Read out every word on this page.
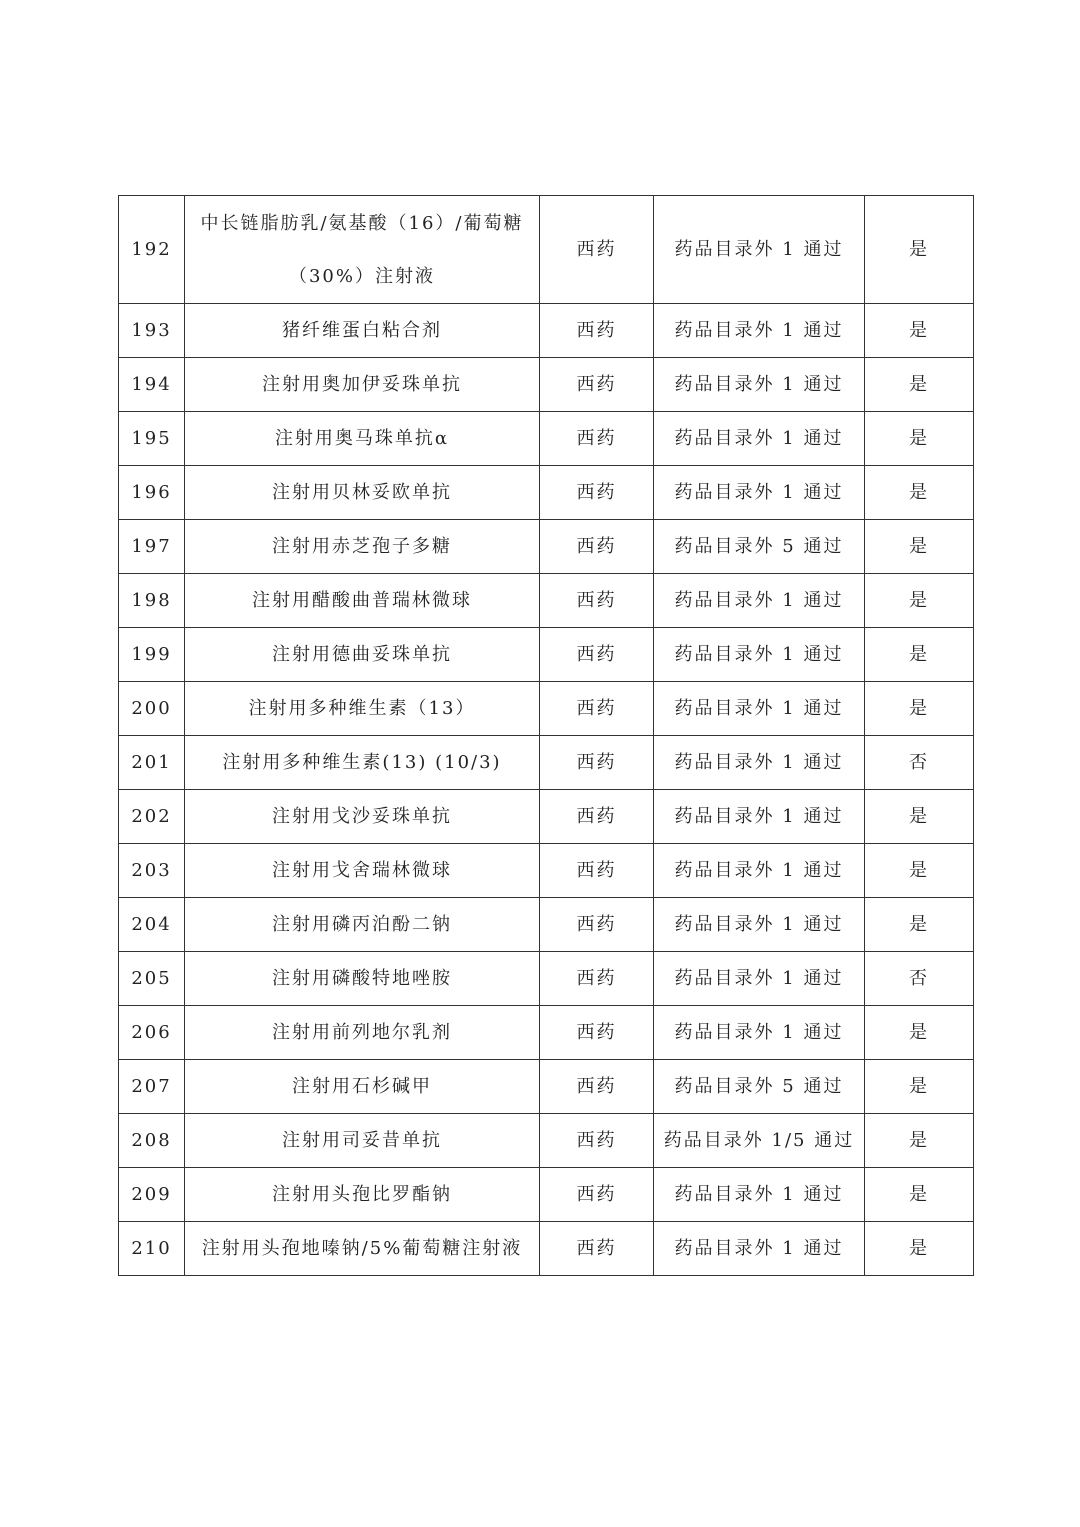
192	中长链脂肪乳/氨基酸（16）/葡萄糖
（30%）注射液	西药	药品目录外 1 通过	是
193	猪纤维蛋白粘合剂	西药	药品目录外 1 通过	是
194	注射用奥加伊妥珠单抗	西药	药品目录外 1 通过	是
195	注射用奥马珠单抗α	西药	药品目录外 1 通过	是
196	注射用贝林妥欧单抗	西药	药品目录外 1 通过	是
197	注射用赤芝孢子多糖	西药	药品目录外 5 通过	是
198	注射用醋酸曲普瑞林微球	西药	药品目录外 1 通过	是
199	注射用德曲妥珠单抗	西药	药品目录外 1 通过	是
200	注射用多种维生素（13）	西药	药品目录外 1 通过	是
201	注射用多种维生素(13) (10/3)	西药	药品目录外 1 通过	否
202	注射用戈沙妥珠单抗	西药	药品目录外 1 通过	是
203	注射用戈舍瑞林微球	西药	药品目录外 1 通过	是
204	注射用磷丙泊酚二钠	西药	药品目录外 1 通过	是
205	注射用磷酸特地唑胺	西药	药品目录外 1 通过	否
206	注射用前列地尔乳剂	西药	药品目录外 1 通过	是
207	注射用石杉碱甲	西药	药品目录外 5 通过	是
208	注射用司妥昔单抗	西药	药品目录外 1/5 通过	是
209	注射用头孢比罗酯钠	西药	药品目录外 1 通过	是
210	注射用头孢地嗪钠/5%葡萄糖注射液	西药	药品目录外 1 通过	是
